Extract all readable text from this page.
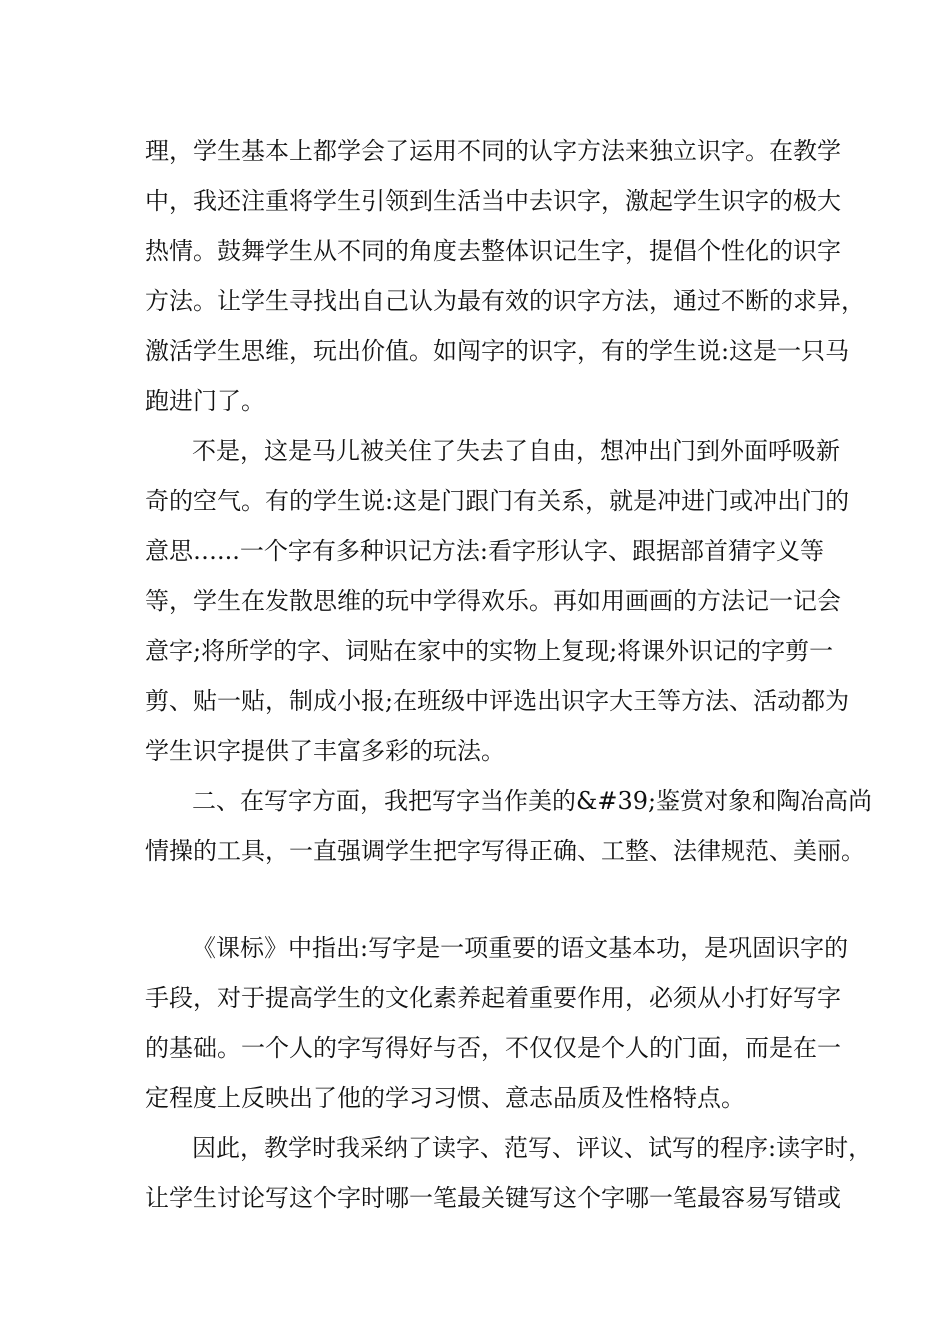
理，学生基本上都学会了运用不同的认字方法来独立识字。在教学

中，我还注重将学生引领到生活当中去识字，激起学生识字的极大

热情。鼓舞学生从不同的角度去整体识记生字，提倡个性化的识字

方法。让学生寻找出自己认为最有效的识字方法，通过不断的求异，

激活学生思维，玩出价值。如闯字的识字，有的学生说:这是一只马

跑进门了。

不是，这是马儿被关住了失去了自由，想冲出门到外面呼吸新

奇的空气。有的学生说:这是门跟门有关系，就是冲进门或冲出门的

意思…...一个字有多种识记方法:看字形认字、跟据部首猜字义等

等，学生在发散思维的玩中学得欢乐。再如用画画的方法记一记会

意字;将所学的字、词贴在家中的实物上复现;将课外识记的字剪一

剪、贴一贴，制成小报;在班级中评选出识字大王等方法、活动都为

学生识字提供了丰富多彩的玩法。

二、在写字方面，我把写字当作美的&#39;鉴赏对象和陶冶高尚

情操的工具，一直强调学生把字写得正确、工整、法律规范、美丽。

《课标》中指出:写字是一项重要的语文基本功，是巩固识字的

手段，对于提高学生的文化素养起着重要作用，必须从小打好写字

的基础。一个人的字写得好与否，不仅仅是个人的门面，而是在一

定程度上反映出了他的学习习惯、意志品质及性格特点。

因此，教学时我采纳了读字、范写、评议、试写的程序:读字时，

让学生讨论写这个字时哪一笔最关键写这个字哪一笔最容易写错或
